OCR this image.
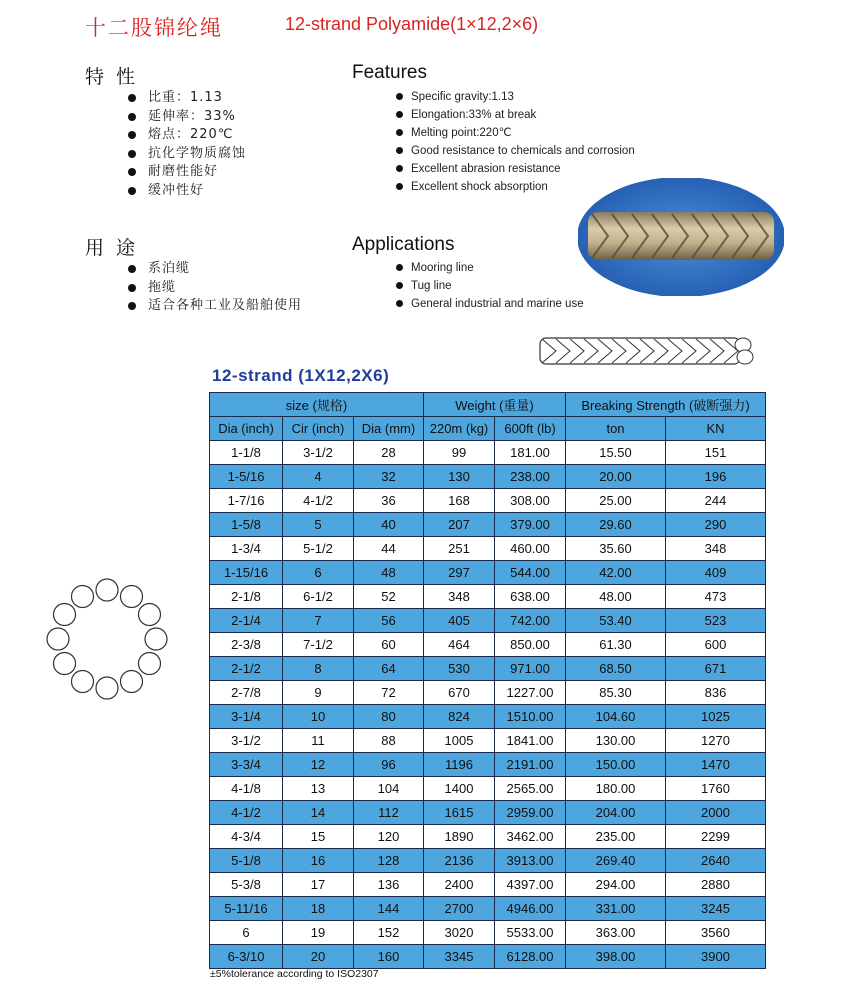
十二股锦纶绳	12-strand Polyamide(1×12,2×6)
特 性	Features
比重：1.13
延伸率：33%
熔点：220℃
抗化学物质腐蚀
耐磨性能好
缓冲性好
Specific gravity:1.13
Elongation:33% at break
Melting point:220℃
Good resistance to chemicals and corrosion
Excellent abrasion resistance
Excellent shock absorption
用 途	Applications
系泊缆
拖缆
适合各种工业及船舶使用
Mooring line
Tug line
General industrial and marine use
12-strand (1X12,2X6)
size (规格)			Weight (重量)		Breaking Strength (破断强力)	
Dia (inch)	Cir (inch)	Dia (mm)	220m (kg)	600ft (lb)	ton	KN
1-1/8	3-1/2	28	99	181.00	15.50	151
1-5/16	4	32	130	238.00	20.00	196
1-7/16	4-1/2	36	168	308.00	25.00	244
1-5/8	5	40	207	379.00	29.60	290
1-3/4	5-1/2	44	251	460.00	35.60	348
1-15/16	6	48	297	544.00	42.00	409
2-1/8	6-1/2	52	348	638.00	48.00	473
2-1/4	7	56	405	742.00	53.40	523
2-3/8	7-1/2	60	464	850.00	61.30	600
2-1/2	8	64	530	971.00	68.50	671
2-7/8	9	72	670	1227.00	85.30	836
3-1/4	10	80	824	1510.00	104.60	1025
3-1/2	11	88	1005	1841.00	130.00	1270
3-3/4	12	96	1196	2191.00	150.00	1470
4-1/8	13	104	1400	2565.00	180.00	1760
4-1/2	14	112	1615	2959.00	204.00	2000
4-3/4	15	120	1890	3462.00	235.00	2299
5-1/8	16	128	2136	3913.00	269.40	2640
5-3/8	17	136	2400	4397.00	294.00	2880
5-11/16	18	144	2700	4946.00	331.00	3245
6	19	152	3020	5533.00	363.00	3560
6-3/10	20	160	3345	6128.00	398.00	3900
±5%tolerance according to ISO2307
